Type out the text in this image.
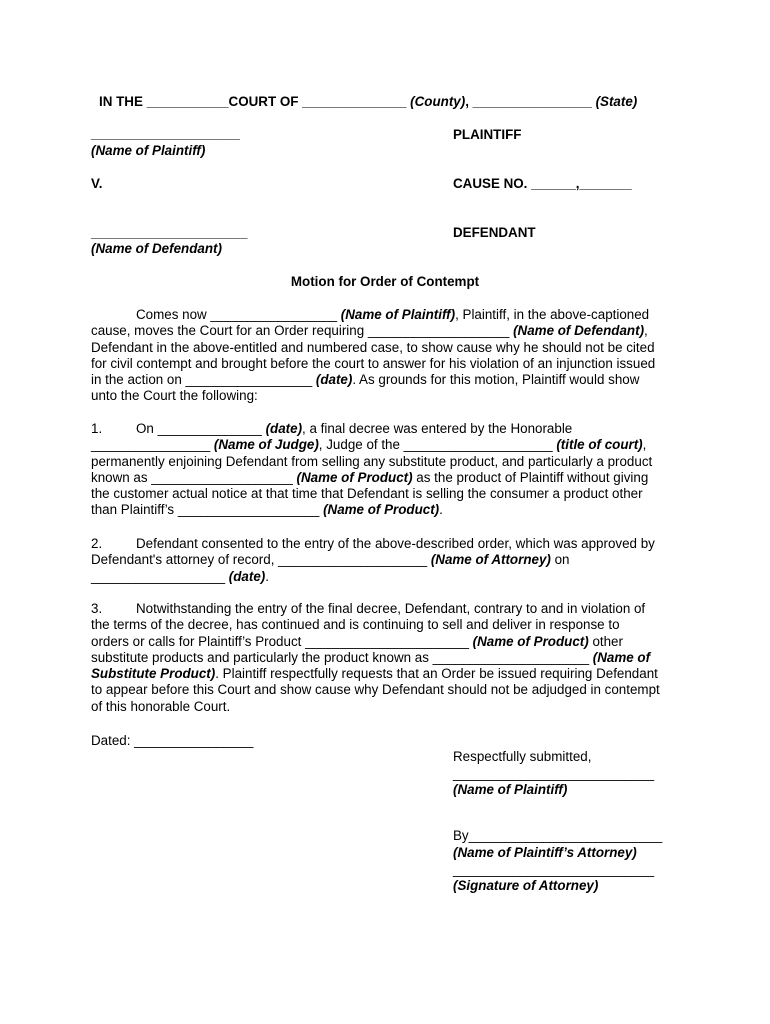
IN THE ___________COURT OF ______________ (County), ________________ (State)
____________________
(Name of Plaintiff)
PLAINTIFF
V.	CAUSE NO. ______,_______
_____________________
(Name of Defendant)
DEFENDANT
Motion for Order of Contempt
Comes now _________________ (Name of Plaintiff), Plaintiff, in the above-captioned
cause, moves the Court for an Order requiring ___________________ (Name of Defendant),
Defendant in the above-entitled and numbered case, to show cause why he should not be cited
for civil contempt and brought before the court to answer for his violation of an injunction issued
in the action on _________________ (date). As grounds for this motion, Plaintiff would show
unto the Court the following:
1.	On ______________ (date), a final decree was entered by the Honorable
________________ (Name of Judge), Judge of the ____________________ (title of court),
permanently enjoining Defendant from selling any substitute product, and particularly a product
known as ___________________ (Name of Product) as the product of Plaintiff without giving
the customer actual notice at that time that Defendant is selling the consumer a product other
than Plaintiff’s ___________________ (Name of Product).
2.	Defendant consented to the entry of the above-described order, which was approved by
Defendant's attorney of record, ____________________ (Name of Attorney) on
__________________ (date).
3.	Notwithstanding the entry of the final decree, Defendant, contrary to and in violation of
the terms of the decree, has continued and is continuing to sell and deliver in response to
orders or calls for Plaintiff’s Product ______________________ (Name of Product) other
substitute products and particularly the product known as _____________________ (Name of
Substitute Product). Plaintiff respectfully requests that an Order be issued requiring Defendant
to appear before this Court and show cause why Defendant should not be adjudged in contempt
of this honorable Court.
Dated: ________________
Respectfully submitted,
___________________________
(Name of Plaintiff)
By__________________________
(Name of Plaintiff’s Attorney)
___________________________
(Signature of Attorney)
